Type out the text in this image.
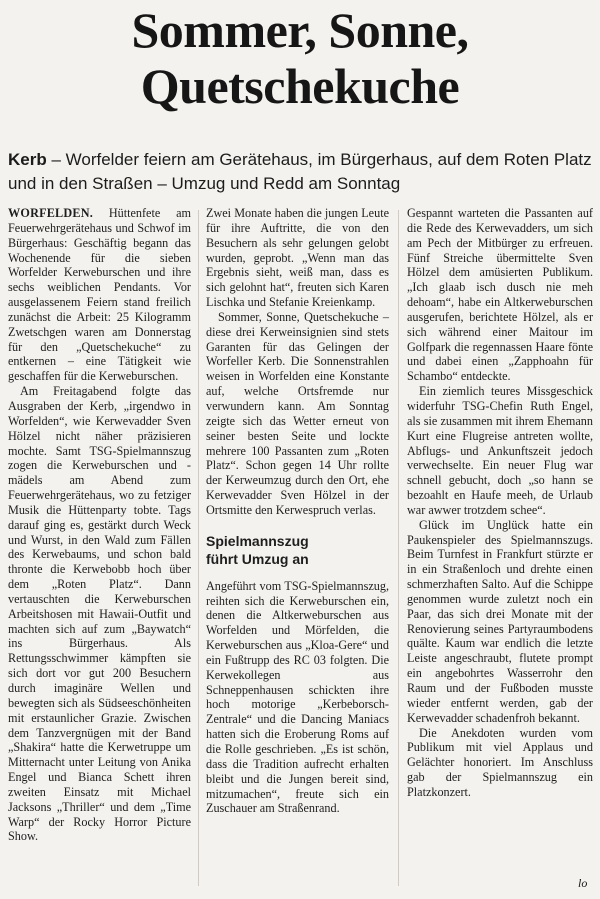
Sommer, Sonne,
Quetschekuche
Kerb – Worfelder feiern am Gerätehaus, im Bürgerhaus, auf dem Roten Platz und in den Straßen – Umzug und Redd am Sonntag

WORFELDEN. Hüttenfete am Feuerwehrgerätehaus und Schwof im Bürgerhaus: Geschäftig begann das Wochenende für die sieben Worfelder Kerweburschen und ihre sechs weiblichen Pendants. Vor ausgelassenem Feiern stand freilich zunächst die Arbeit: 25 Kilogramm Zwetschgen waren am Donnerstag für den „Quetschekuche“ zu entkernen – eine Tätigkeit wie geschaffen für die Kerweburschen.

Am Freitagabend folgte das Ausgraben der Kerb, „irgendwo in Worfelden“, wie Kerwevadder Sven Hölzel nicht näher präzisieren mochte. Samt TSG-Spielmannszug zogen die Kerweburschen und -mädels am Abend zum Feuerwehrgerätehaus, wo zu fetziger Musik die Hüttenparty tobte. Tags darauf ging es, gestärkt durch Weck und Wurst, in den Wald zum Fällen des Kerwebaums, und schon bald thronte die Kerwebobb hoch über dem „Roten Platz“. Dann vertauschten die Kerweburschen Arbeitshosen mit Hawaii-Outfit und machten sich auf zum „Baywatch“ ins Bürgerhaus. Als Rettungsschwimmer kämpften sie sich dort vor gut 200 Besuchern durch imaginäre Wellen und bewegten sich als Südseeschönheiten mit erstaunlicher Grazie. Zwischen dem Tanzvergnügen mit der Band „Shakira“ hatte die Kerwetruppe um Mitternacht unter Leitung von Anika Engel und Bianca Schett ihren zweiten Einsatz mit Michael Jacksons „Thriller“ und dem „Time Warp“ der Rocky Horror Picture Show.

Zwei Monate haben die jungen Leute für ihre Auftritte, die von den Besuchern als sehr gelungen gelobt wurden, geprobt. „Wenn man das Ergebnis sieht, weiß man, dass es sich gelohnt hat“, freuten sich Karen Lischka und Stefanie Kreienkamp.

Sommer, Sonne, Quetschekuche – diese drei Kerweinsignien sind stets Garanten für das Gelingen der Worfeller Kerb. Die Sonnenstrahlen weisen in Worfelden eine Konstante auf, welche Ortsfremde nur verwundern kann. Am Sonntag zeigte sich das Wetter erneut von seiner besten Seite und lockte mehrere 100 Passanten zum „Roten Platz“. Schon gegen 14 Uhr rollte der Kerweumzug durch den Ort, ehe Kerwevadder Sven Hölzel in der Ortsmitte den Kerwespruch verlas.

Spielmannszug
führt Umzug an

Angeführt vom TSG-Spielmannszug, reihten sich die Kerweburschen ein, denen die Altkerweburschen aus Worfelden und Mörfelden, die Kerweburschen aus „Kloa-Gere“ und ein Fußtrupp des RC 03 folgten. Die Kerwekollegen aus Schneppenhausen schickten ihre hoch motorige „Kerbeborsch-Zentrale“ und die Dancing Maniacs hatten sich die Eroberung Roms auf die Rolle geschrieben. „Es ist schön, dass die Tradition aufrecht erhalten bleibt und die Jungen bereit sind, mitzumachen“, freute sich ein Zuschauer am Straßenrand.

Gespannt warteten die Passanten auf die Rede des Kerwevadders, um sich am Pech der Mitbürger zu erfreuen. Fünf Streiche übermittelte Sven Hölzel dem amüsierten Publikum. „Ich glaab isch dusch nie meh dehoam“, habe ein Altkerweburschen ausgerufen, berichtete Hölzel, als er sich während einer Maitour im Golfpark die regennassen Haare fönte und dabei einen „Zapphoahn für Schambo“ entdeckte.

Ein ziemlich teures Missgeschick widerfuhr TSG-Chefin Ruth Engel, als sie zusammen mit ihrem Ehemann Kurt eine Flugreise antreten wollte, Abflugs- und Ankunftszeit jedoch verwechselte. Ein neuer Flug war schnell gebucht, doch „so hann se bezoahlt en Haufe meeh, de Urlaub war awwer trotzdem schee“.

Glück im Unglück hatte ein Paukenspieler des Spielmannszugs. Beim Turnfest in Frankfurt stürzte er in ein Straßenloch und drehte einen schmerzhaften Salto. Auf die Schippe genommen wurde zuletzt noch ein Paar, das sich drei Monate mit der Renovierung seines Partyraumbodens quälte. Kaum war endlich die letzte Leiste angeschraubt, flutete prompt ein angebohrtes Wasserrohr den Raum und der Fußboden musste wieder entfernt werden, gab der Kerwevadder schadenfroh bekannt.

Die Anekdoten wurden vom Publikum mit viel Applaus und Gelächter honoriert. Im Anschluss gab der Spielmannszug ein Platzkonzert.

lo
